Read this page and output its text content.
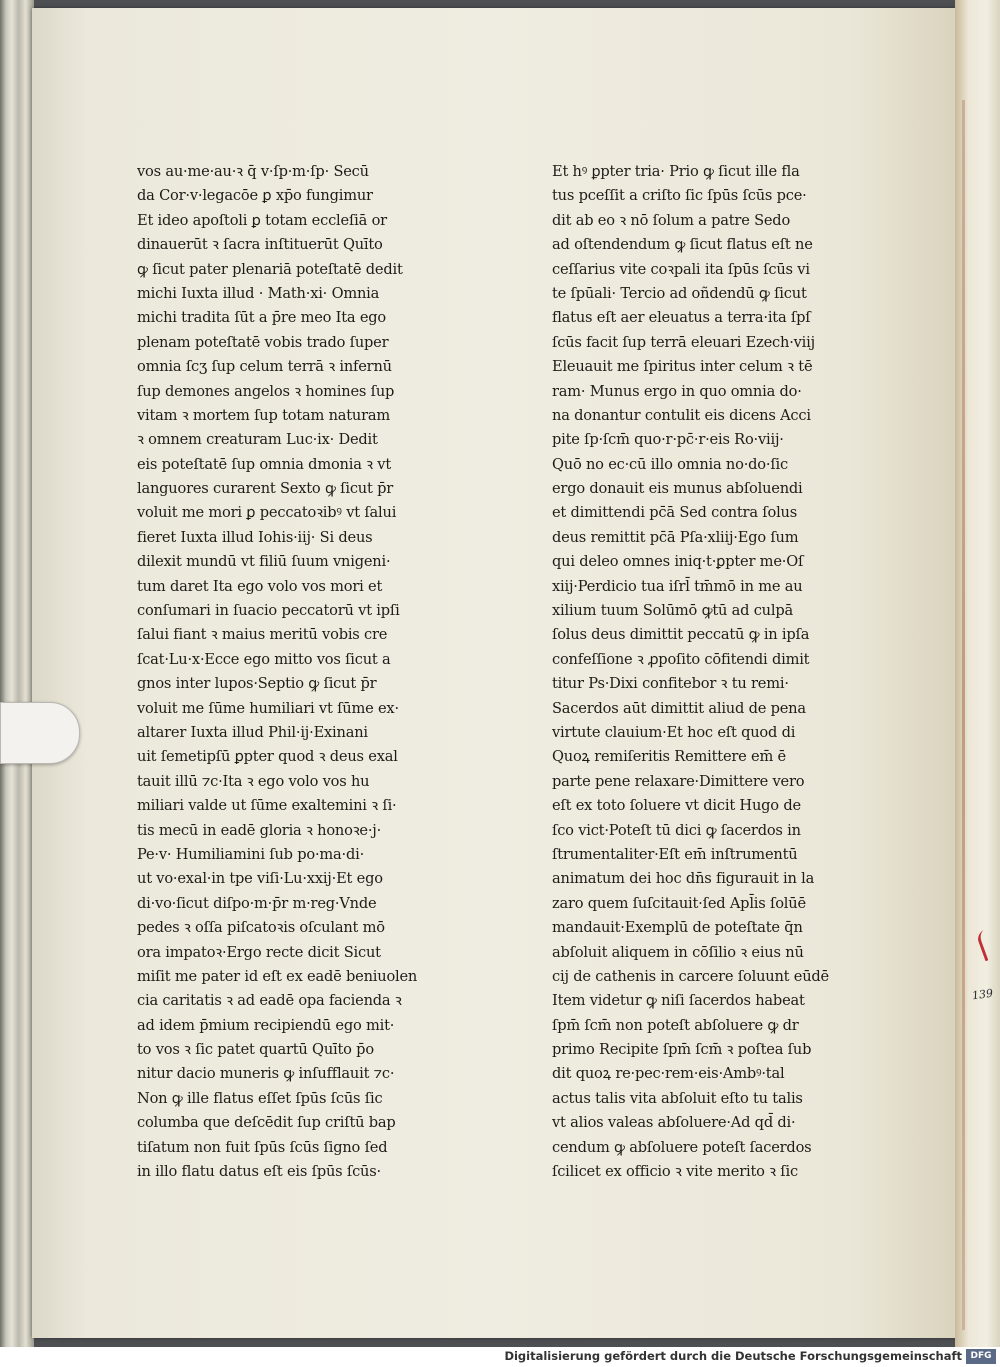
vos au·me·au·ꝛ q̄ v·ſp·m·ſp· Secū
da Cor·v·legacōe ꝑ xp̄o fungimur
Et ideo apoſtoli ꝑ totam eccleſiā or
dinauerūt ꝛ ſacra inſtituerūt Quīto
ꝙ ſicut pater plenariā poteſtatē dedit
michi Iuxta illud · Math·xi· Omnia
michi tradita ſūt a p̄re meo Ita ego
plenam poteſtatē vobis trado ſuper
omnia ſcʒ ſup celum terrā ꝛ infernū
ſup demones angelos ꝛ homines ſup
vitam ꝛ mortem ſup totam naturam
ꝛ omnem creaturam Luc·ix· Dedit
eis poteſtatē ſup omnia dmonia ꝛ vt
languores curarent Sexto ꝙ ſicut p̄r
voluit me mori ꝑ peccatoꝛibꝰ vt ſalui
fieret Iuxta illud Iohis·iij· Si deus
dilexit mundū vt filiū ſuum vnigeni·
tum daret Ita ego volo vos mori et
conſumari in ſuacio peccatorū vt ipſi
ſalui fiant ꝛ maius meritū vobis cre
ſcat·Lu·x·Ecce ego mitto vos ſicut a
gnos inter lupos·Septio ꝙ ſicut p̄r
voluit me ſūme humiliari vt ſūme ex·
altarer Iuxta illud Phil·ij·Exinani
uit ſemetipſū ꝑpter quod ꝛ deus exal
tauit illū ⁊c·Ita ꝛ ego volo vos hu
miliari valde ut ſūme exaltemini ꝛ ſi·
tis mecū in eadē gloria ꝛ honoꝛe·j·
Pe·v· Humiliamini ſub po·ma·di·
ut vo·exal·in tpe viſi·Lu·xxij·Et ego
di·vo·ſicut diſpo·m·p̄r m·reg·Vnde
pedes ꝛ oſſa piſcatoꝛis oſculant mō
ora impatoꝛ·Ergo recte dicit Sicut
miſit me pater id eſt ex eadē beniuolen
cia caritatis ꝛ ad eadē opa facienda ꝛ
ad idem p̄mium recipiendū ego mit·
to vos ꝛ ſic patet quartū Quīto p̄o
nitur dacio muneris ꝙ inſufflauit ⁊c·
Non ꝙ ille flatus eſſet ſpūs ſcūs ſic
columba que deſcēdit ſup criſtū bap
tiſatum non fuit ſpūs ſcūs ſigno ſed
in illo flatu datus eſt eis ſpūs ſcūs·
Et hꝰ ꝑpter tria· Prio ꝙ ſicut ille fla
tus pceſſit a criſto ſic ſpūs ſcūs pce·
dit ab eo ꝛ nō ſolum a patre Sedo
ad oſtendendum ꝙ ſicut flatus eſt ne
ceſſarius vite coꝛpali ita ſpūs ſcūs vi
te ſpūali· Tercio ad oñdendū ꝙ ſicut
flatus eſt aer eleuatus a terra·ita ſpſ
ſcūs facit ſup terrā eleuari Ezech·viij
Eleuauit me ſpiritus inter celum ꝛ tē
ram· Munus ergo in quo omnia do·
na donantur contulit eis dicens Acci
pite ſp·ſcm̄ quo·r·pc̄·r·eis Ro·viij·
Quō no ec·cū illo omnia no·do·ſic
ergo donauit eis munus abſoluendi
et dimittendi pc̄ā Sed contra ſolus
deus remittit pc̄ā Pſa·xliij·Ego ſum
qui deleo omnes iniq·t·ꝑpter me·Oſ
xiij·Perdicio tua iſrl̄ tm̄mō in me au
xilium tuum Solūmō ꝙtū ad culpā
ſolus deus dimittit peccatū ꝙ in ipſa
confeſſione ꝛ ꝓpoſito cōfitendi dimit
titur Ps·Dixi confitebor ꝛ tu remi·
Sacerdos aūt dimittit aliud de pena
virtute clauium·Et hoc eſt quod di
Quoꝝ remiſeritis Remittere em̄ ē
parte pene relaxare·Dimittere vero
eſt ex toto ſoluere vt dicit Hugo de
ſco vict·Poteſt tū dici ꝙ ſacerdos in
ſtrumentaliter·Eſt em̄ inſtrumentū
animatum dei hoc dn̄s figurauit in la
zaro quem ſuſcitauit·ſed Apl̄is ſolūē
mandauit·Exemplū de poteſtate q̄n
abſoluit aliquem in cōſilio ꝛ eius nū
cij de cathenis in carcere ſoluunt eūdē
Item videtur ꝙ niſi ſacerdos habeat
ſpm̄ ſcm̄ non poteſt abſoluere ꝙ dr
primo Recipite ſpm̄ ſcm̄ ꝛ poſtea ſub
dit quoꝝ re·pec·rem·eis·Ambꝰ·tal
actus talis vita abſoluit eſto tu talis
vt alios valeas abſoluere·Ad qd̄ di·
cendum ꝙ abſoluere poteſt ſacerdos
ſcilicet ex officio ꝛ vite merito ꝛ ſic
139
Digitalisierung gefördert durch die Deutsche Forschungsgemeinschaft DFG
